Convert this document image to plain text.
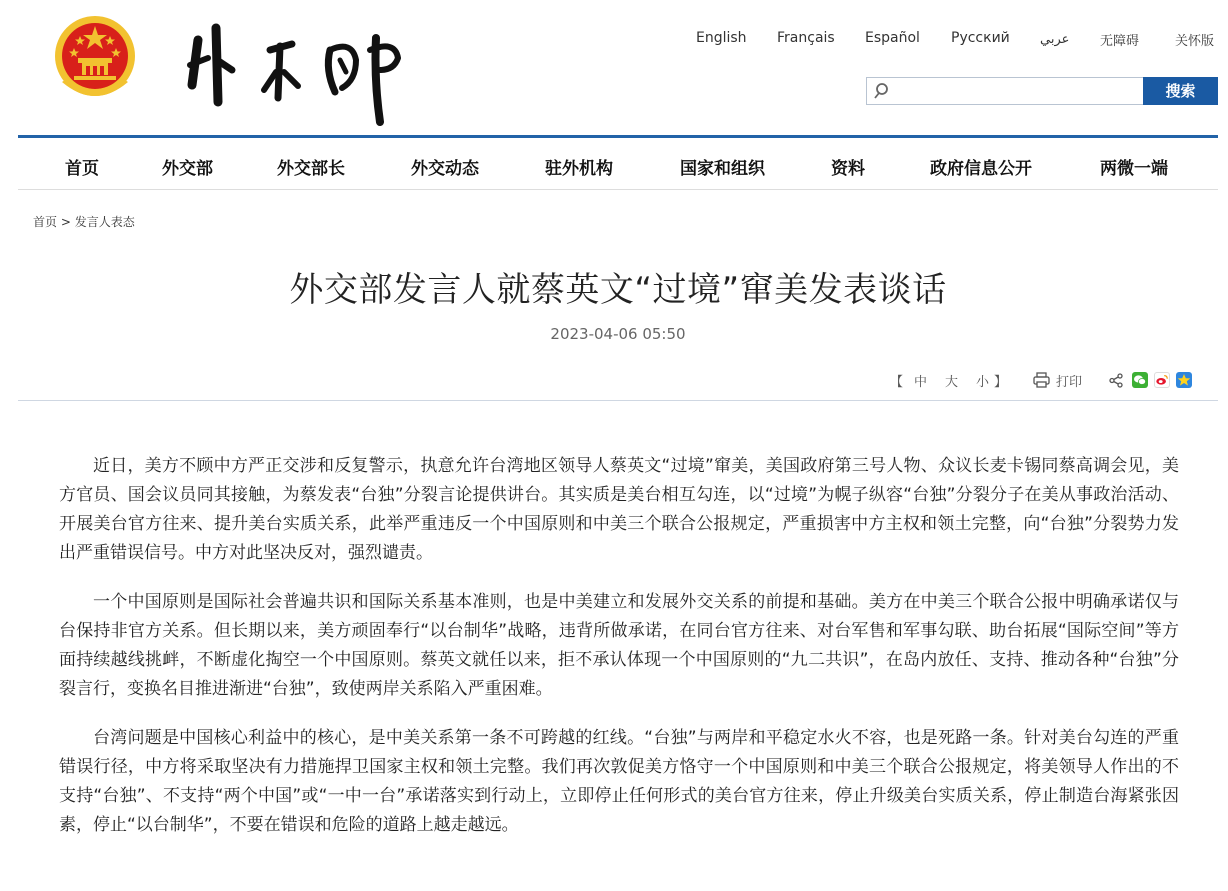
English Français Español Русский عربي 无障碍	关怀版
搜索
首页	外交部	外交部长	外交动态	驻外机构	国家和组织	资料	政府信息公开	两微一端
首页 > 发言人表态
外交部发言人就蔡英文“过境”窜美发表谈话
2023-04-06 05:50
【 中 大 小 】	打印

近日，美方不顾中方严正交涉和反复警示，执意允许台湾地区领导人蔡英文“过境”窜美，美国政府第三号人物、众议长麦卡锡同蔡高调会见，美方官员、国会议员同其接触，为蔡发表“台独”分裂言论提供讲台。其实质是美台相互勾连，以“过境”为幌子纵容“台独”分裂分子在美从事政治活动、开展美台官方往来、提升美台实质关系，此举严重违反一个中国原则和中美三个联合公报规定，严重损害中方主权和领土完整，向“台独”分裂势力发出严重错误信号。中方对此坚决反对，强烈谴责。

一个中国原则是国际社会普遍共识和国际关系基本准则，也是中美建立和发展外交关系的前提和基础。美方在中美三个联合公报中明确承诺仅与台保持非官方关系。但长期以来，美方顽固奉行“以台制华”战略，违背所做承诺，在同台官方往来、对台军售和军事勾联、助台拓展“国际空间”等方面持续越线挑衅，不断虚化掏空一个中国原则。蔡英文就任以来，拒不承认体现一个中国原则的“九二共识”，在岛内放任、支持、推动各种“台独”分裂言行，变换名目推进渐进“台独”，致使两岸关系陷入严重困难。

台湾问题是中国核心利益中的核心，是中美关系第一条不可跨越的红线。“台独”与两岸和平稳定水火不容，也是死路一条。针对美台勾连的严重错误行径，中方将采取坚决有力措施捍卫国家主权和领土完整。我们再次敦促美方恪守一个中国原则和中美三个联合公报规定，将美领导人作出的不支持“台独”、不支持“两个中国”或“一中一台”承诺落实到行动上，立即停止任何形式的美台官方往来，停止升级美台实质关系，停止制造台海紧张因素，停止“以台制华”，不要在错误和危险的道路上越走越远。
